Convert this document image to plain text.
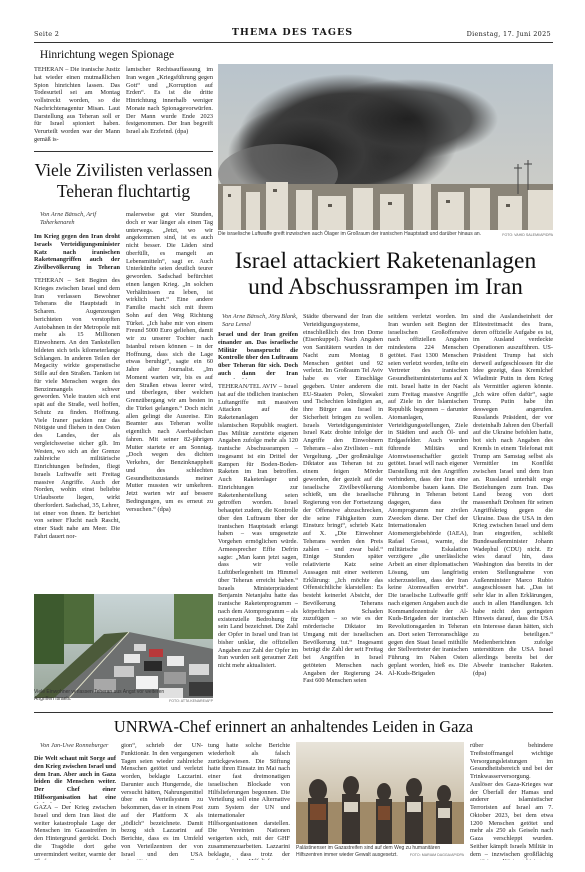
Seite 2	THEMA DES TAGES	Dienstag, 17. Juni 2025
Hinrichtung wegen Spionage
TEHERAN – Die iranische Justiz hat wieder einen mutmaßlichen Spion hinrichten lassen. Das Todesurteil sei am Montag vollstreckt worden, so die Nachrichtenagentur Misan. Laut Darstellung aus Teheran soll er für Israel spioniert haben. Verurteilt worden war der Mann gemäß is-
lamischer Rechtsauffassung im Iran wegen „Kriegsführung gegen Gott“ und „Korruption auf Erden“. Es ist die dritte Hinrichtung innerhalb weniger Monate nach Spionagevorwürfen. Der Mann wurde Ende 2023 festgenommen. Der Iran begreift Israel als Erzfeind. (dpa)
Viele Zivilisten verlassen Teheran fluchtartig
Von Arne Bänsch, Arif Taherkenareh
Im Krieg gegen den Iran droht Israels Verteidigungsminister Katz nach iranischen Raketenangriffen auch der Zivilbevölkerung in Teheran
TEHERAN – Seit Beginn des Krieges zwischen Israel und dem Iran verlassen Bewohner Teherans die Hauptstadt in Scharen. Augenzeugen berichteten von verstopften Autobahnen in der Metropole mit mehr als 15 Millionen Einwohnern. An den Tankstellen bildeten sich teils kilometerlange Schlangen. In anderen Teilen der Megacity wirkte gespenstische Stille auf den Straßen. Tanken ist für viele Menschen wegen des Benzinmangels schwer geworden. Viele trauten sich erst spät auf die Straße, weil hoffen, Schutz zu finden. Hoffnung. Viele Iraner packten nur das Nötigste und fliehen in den Osten des Landes, der als vergleichsweise sicher gilt. Im Westen, wo sich an der Grenze zahlreiche militärische Einrichtungen befinden, fliegt Israels Luftwaffe seit Freitag massive Angriffe. Auch der Norden, wohin einst beliebte Urlaubsorte liegen, wirkt überfordert. Sadschad, 35, Lehrer, ist einer von ihnen. Er berichtet von seiner Flucht nach Rascht, einer Stadt nahe am Meer. Die Fahrt dauert nor-
malerweise gut vier Stunden, doch er war länger als einen Tag unterwegs. „Jetzt, wo wir angekommen sind, ist es auch nicht besser. Die Läden sind überfüllt, es mangelt an Lebensmitteln“, sagt er. Auch Unterkünfte seien deutlich teurer geworden. Sadschad befürchtet einen langen Krieg. „In solchen Verhältnissen zu leben, ist wirklich hart.“ Eine andere Familie macht sich mit ihrem Sohn auf den Weg Richtung Türkei. „Ich habe mir von einem Freund 5000 Euro geliehen, damit wir zu unserer Tochter nach Istanbul reisen können – in der Hoffnung, dass sich die Lage etwas beruhigt“, sagte ein 60 Jahre alter Journalist. „Im Moment warten wir, bis es auf den Straßen etwas leerer wird, und überlegen, über welchen Grenzübergang wir am besten in die Türkei gelangen.“ Doch nicht allen gelingt die Ausreise. Ein Beamter aus Teheran wollte eigentlich nach Aserbaidschan fahren. Mit seiner 82-jährigen Mutter startete er am Sonntag. „Doch wegen des dichten Verkehrs, der Benzinknappheit und des schlechten Gesundheitszustands meiner Mutter mussten wir umkehren. Jetzt warten wir auf bessere Bedingungen, um es erneut zu versuchen.“ (dpa)
FOTO: ATTA KENARE/AFP
Viele Einwohner verlassen Teheran aus Angst vor weiteren Angriffen Israels.
Die israelische Luftwaffe greift inzwischen auch Ölager im Großraum der iranischen Hauptstadt und darüber hinaus an.	FOTO: VAHID SALEMI/AP/DPA
Israel attackiert Raketenanlagen und Abschussrampen im Iran
Von Arne Bänsch, Jörg Blank, Sara Lemel
Israel und der Iran greifen einander an. Das israelische Militär beansprucht die Kontrolle über den Luftraum über Teheran für sich. Doch auch dann der Iran
TEHERAN/TEL AVIV – Israel hat auf die tödlichen iranischen Luftangriffe mit massiven Attacken auf die Raketenanlagen der islamischen Republik reagiert. Das Militär zerstörte eigenen Angaben zufolge mehr als 120 iranische Abschussrampen – insgesamt ist ein Drittel der Rampen für Boden-Boden-Raketen im Iran betroffen. Auch Raketenlager und Einrichtungen zur Raketenherstellung seien getroffen worden. Israel behauptet zudem, die Kontrolle über den Luftraum über der iranischen Hauptstadt erlangt haben – was umgesetzte Vorgehen ermöglichen würde. Armeesprecher Effie Defrin sagte: „Man kann jetzt sagen, dass wir volle Luftüberlegenheit im Himmel über Teheran erreicht haben.“ Israels Ministerpräsident Benjamin Netanjahu hatte das iranische Raketenprogramm – nach dem Atomprogramm – als existenzielle Bedrohung für sein Land bezeichnet. Die Zahl der Opfer in Israel und Iran ist bisher unklar, die offiziellen Angaben zur Zahl der Opfer im Iran wurden seit geraumer Zeit nicht mehr aktualisiert.
Städte überwand der Iran die Verteidigungssysteme, einschließlich des Iron Dome (Eisenkuppel). Nach Angaben von Sanitätern wurden in der Nacht zum Montag 8 Menschen getötet und 92 verletzt. Im Großraum Tel Aviv habe es vier Einschläge gegeben. Unter anderem die EU-Staaten Polen, Slowakei und Tschechien kündigten an, ihre Bürger aus Israel in Sicherheit bringen zu wollen. Israels Verteidigungsminister Israel Katz drohte infolge der Angriffe den Einwohnern Teherans – also Zivilisten – mit Vergeltung. „Der großmäulige Diktator aus Teheran ist zu einem feigen Mörder geworden, der gezielt auf die israelische Zivilbevölkerung schießt, um die israelische Regierung von der Fortsetzung der Offensive abzuschrecken, die seine Fähigkeiten zum Einsturz bringt“, schrieb Katz auf X. „Die Einwohner Teherans werden den Preis zahlen – und zwar bald.“ Einige Stunden später relativierte Katz seine Aussagen mit einer weiteren Erklärung: „Ich möchte das Offensichtliche klarstellen: Es besteht keinerlei Absicht, der Bevölkerung Teherans körperlichen Schaden zuzufügen – so wie es der mörderische Diktator im Umgang mit der israelischen Bevölkerung tut.“ Insgesamt beträgt die Zahl der seit Freitag bei Angriffen in Israel getöteten Menschen nach Angaben der Regierung 24. Fast 600 Menschen seien
seitdem verletzt worden. Im Iran wurden seit Beginn der israelischen Großoffensive nach offiziellen Angaben mindestens 224 Menschen getötet. Fast 1300 Menschen seien verletzt worden, teilte ein Vertreter des iranischen Gesundheitsministeriums auf X mit. Israel hatte in der Nacht zum Freitag massive Angriffe auf Ziele in der Islamischen Republik begonnen – darunter Atomanlagen, Verteidigungsstellungen, Ziele in Städten und auch Öl- und Erdgasfelder. Auch wurden führende Militärs und Atomwissenschaftler gezielt getötet. Israel will nach eigener Darstellung mit den Angriffen verhindern, dass der Iran eine Atombombe bauen kann. Die Führung in Teheran betont dagegen, dass ihr Atomprogramm nur zivilen Zwecken diene. Der Chef der Internationalen Atomenergiebehörde (IAEA), Rafael Grossi, warnte, die militärische Eskalation verzögere „die unerlässliche Arbeit an einer diplomatischen Lösung, um langfristig sicherzustellen, dass der Iran keine Atomwaffen erwirbt“. Die israelische Luftwaffe griff nach eigenen Angaben auch die Kommandozentrale der Al-Kuds-Brigaden der iranischen Revolutionsgarden in Teheran an. Dort seien Terroranschläge gegen den Staat Israel mithilfe der Stellvertreter der iranischen Führung im Nahen Osten geplant worden, hieß es. Die Al-Kuds-Brigaden
sind die Auslandseinheit der Elitestreitmacht des Irans, deren offizielle Aufgabe es ist, im Ausland verdeckte Operationen auszuführen. US-Präsident Trump hat sich derweil aufgeschlossen für die Idee gezeigt, dass Kremlchef Wladimir Putin in dem Krieg als Vermittler agieren könnte. „Ich wäre offen dafür“, sagte Trump. Putin habe ihn deswegen angerufen. Russlands Präsident, der vor dreieinhalb Jahren den Überfall auf die Ukraine befohlen hatte, bot sich nach Angaben des Kremls in einem Telefonat mit Trump am Samstag selbst als Vermittler im Konflikt zwischen Israel und dem Iran an. Russland unterhält enge Beziehungen zum Iran. Das Land bezog von dort massenhaft Drohnen für seinen Angriffskrieg gegen die Ukraine. Dass die USA in den Krieg zwischen Israel und dem Iran eingreifen, schließt Bundesaußenminister Johann Wadephul (CDU) nicht. Er wies darauf hin, dass Washington das bereits in der ersten Stellungnahme von Außenminister Marco Rubio ausgeschlossen hat. „Das ist sehr klar in allen Erklärungen, auch in allen Handlungen. Ich habe nicht den geringsten Hinweis darauf, dass die USA ein Interesse daran hätten, sich zu beteiligen.“ Medienberichten zufolge unterstützen die USA Israel allerdings bereits bei der Abwehr iranischer Raketen. (dpa)
UNRWA-Chef erinnert an anhaltendes Leiden in Gaza
Von Jan-Uwe Ronneburger
Die Welt schaut mit Sorge auf den Krieg zwischen Israel und dem Iran. Aber auch in Gaza leiden die Menschen weiter. Der Chef einer Hilfsorganisation hat eine
GAZA – Der Krieg zwischen Israel und dem Iran lässt die weiter katastrophale Lage der Menschen im Gazastreifen in den Hintergrund gerückt. Doch die Tragödie dort gehe unvermindert weiter, warnte der
gion“, schrieb der UN-Funktionär. In den vergangenen Tagen seien wieder zahlreiche Menschen getötet und verletzt worden, beklagte Lazzarini. Darunter auch Hungernde, die versucht hätten, Nahrungsmittel über ein Verteilsystem zu bekommen, das er in einem Post auf der Plattform X als „tödlich“ bezeichnete. Damit bezog sich Lazzarini auf Berichte, dass es im Umfeld von Verteilzentren der von Israel und den USA
tung hatte solche Berichte wiederholt als falsch zurückgewiesen. Die Stiftung hatte ihren Einsatz im Mai nach einer fast dreimonatigen israelischen Blockade von Hilfslieferungen begonnen. Die Verteilung soll eine Alternative zum System der UN und internationaler Hilfsorganisationen darstellen. Die Vereinten Nationen weigerten sich, mit der GHF zusammenzuarbeiten. Lazzarini beklagte, dass trotz der
Palästinenser im Gazastreifen sind auf dem Weg zu humanitären Hilfszentren immer wieder Gewalt ausgesetzt.	FOTO: MARIAM DAGGA/AP/DPA
rüber behindere Treibstoffmangel wichtige Versorgungsleistungen im Gesundheitsbereich und bei der Trinkwasserversorgung. Auslöser des Gaza-Krieges war der Überfall der Hamas und anderer islamistischer Terroristen auf Israel am 7. Oktober 2023, bei dem etwa 1200 Menschen getötet und mehr als 250 als Geiseln nach Gaza verschleppt wurden. Seither kämpft Israels Militär in dem – inzwischen großflächig
